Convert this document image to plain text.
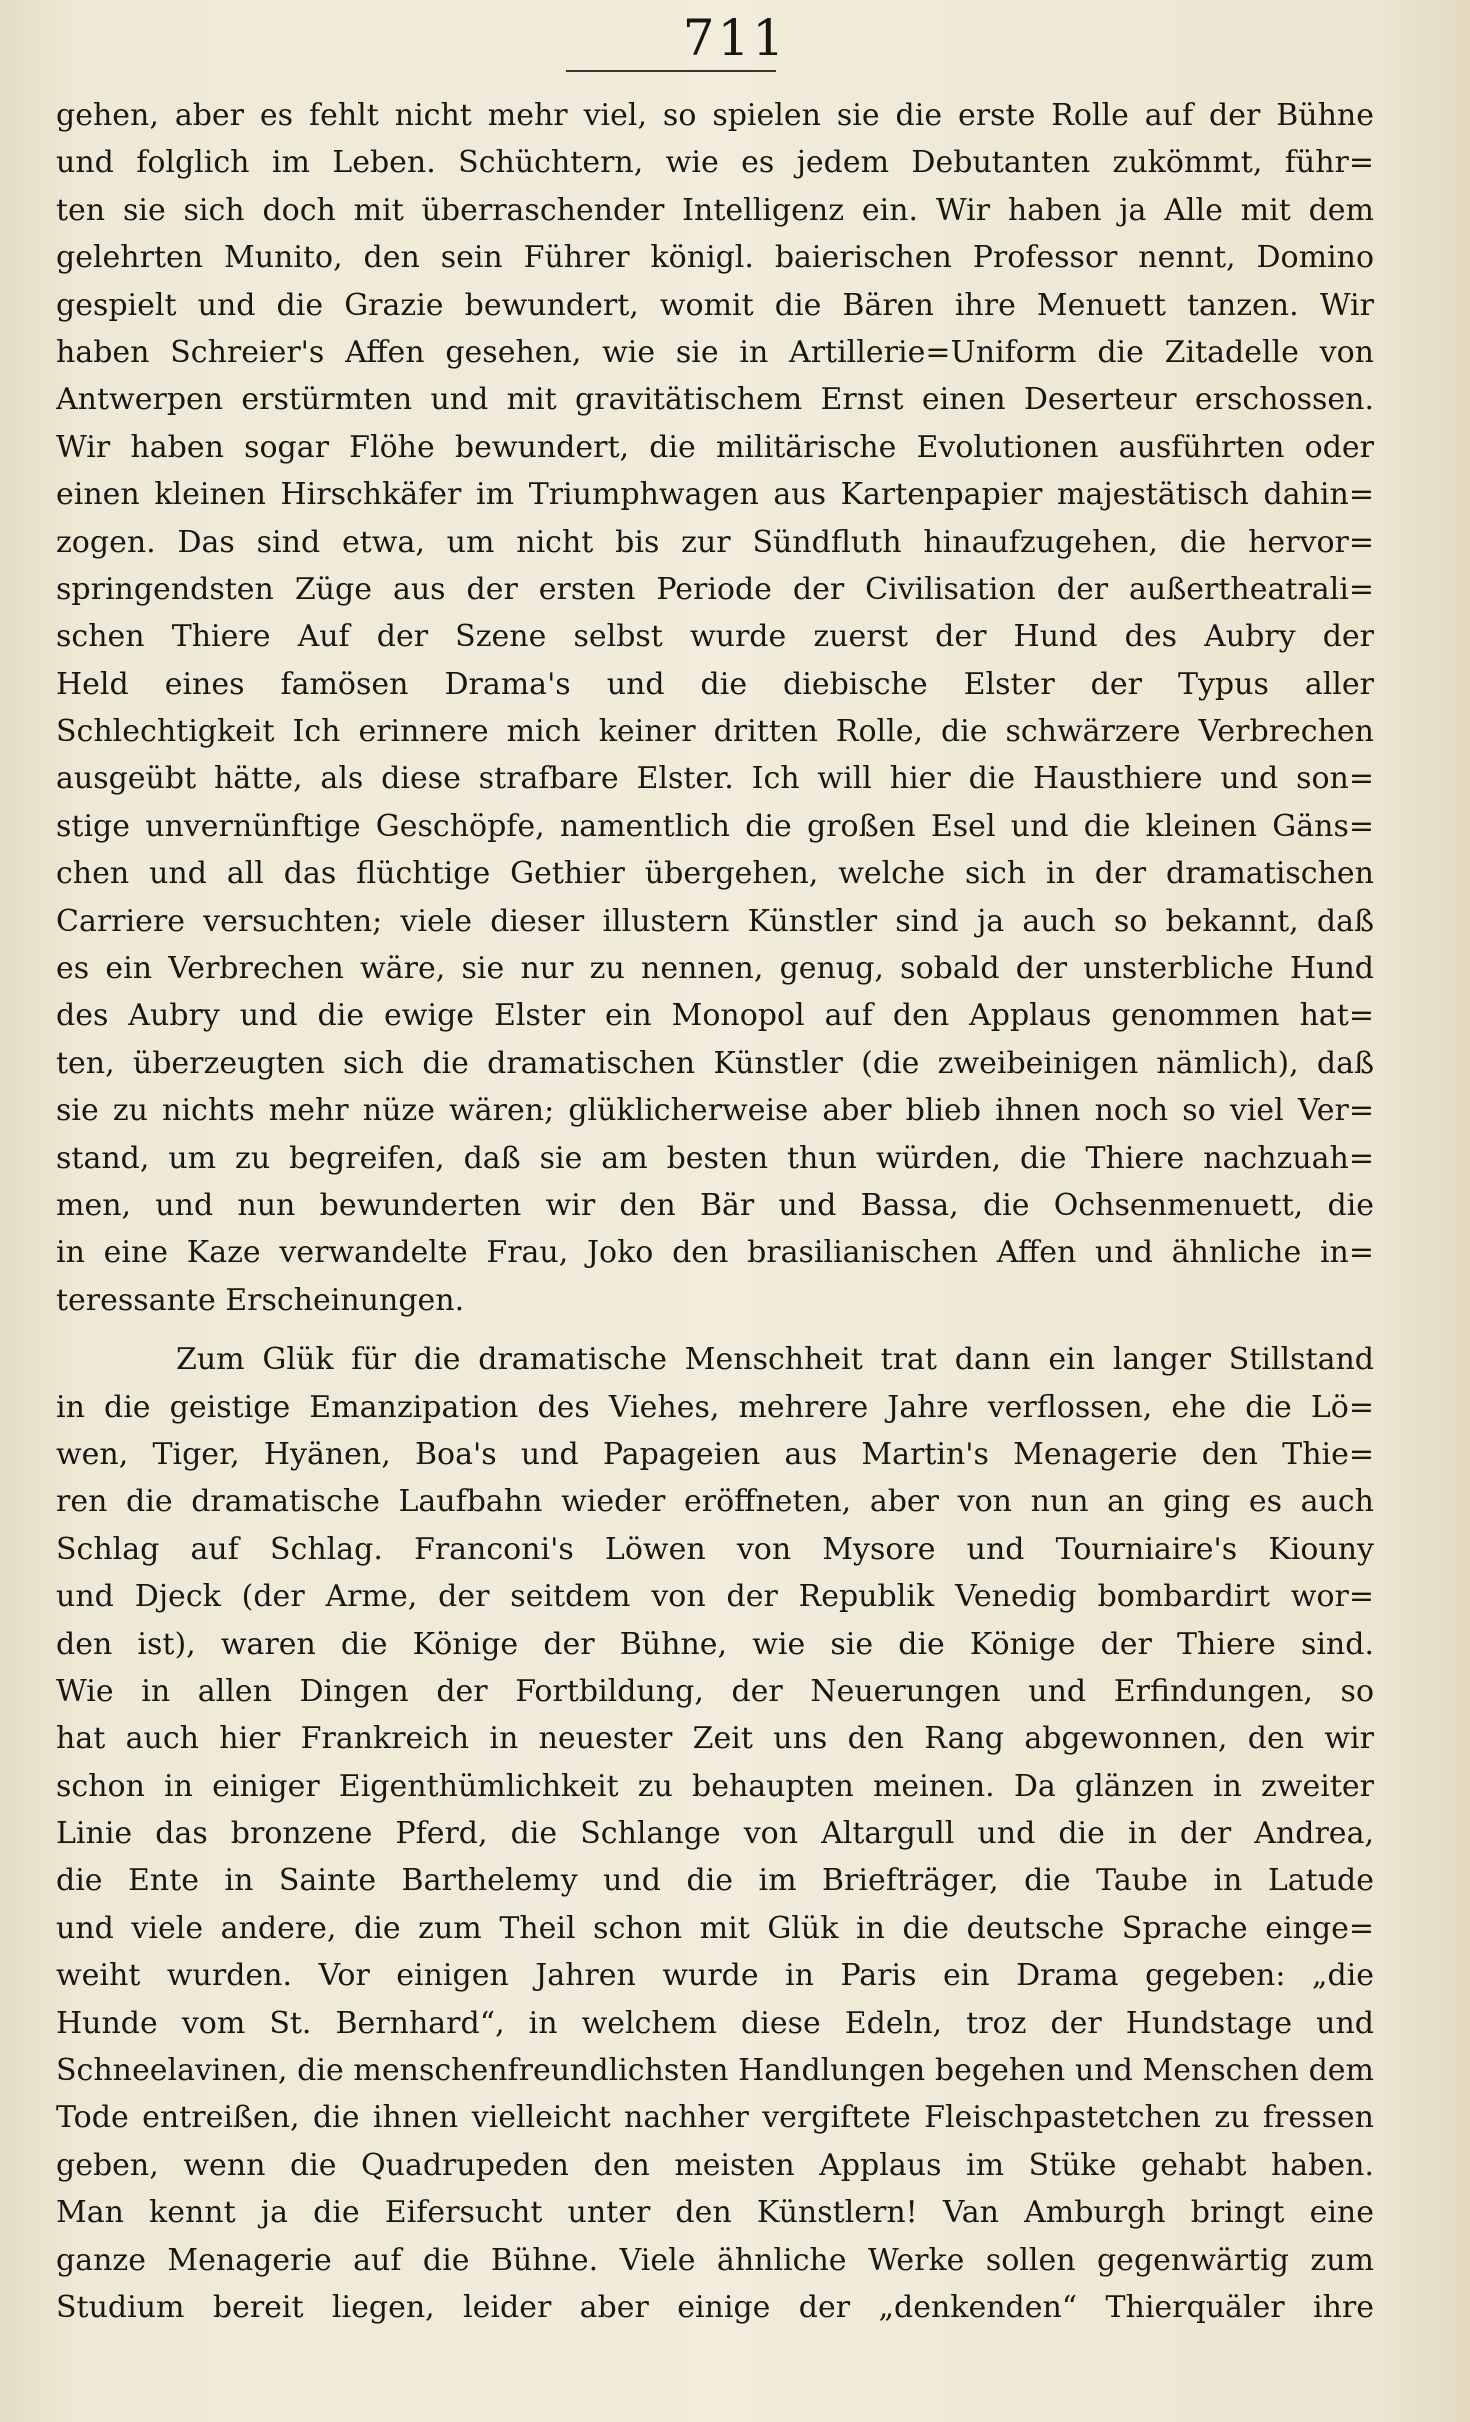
711
gehen, aber es fehlt nicht mehr viel, so spielen sie die erste Rolle auf der Bühne
und folglich im Leben. Schüchtern, wie es jedem Debutanten zukömmt, führ=
ten sie sich doch mit überraschender Intelligenz ein. Wir haben ja Alle mit dem
gelehrten Munito, den sein Führer königl. baierischen Professor nennt, Domino
gespielt und die Grazie bewundert, womit die Bären ihre Menuett tanzen. Wir
haben Schreier's Affen gesehen, wie sie in Artillerie=Uniform die Zitadelle von
Antwerpen erstürmten und mit gravitätischem Ernst einen Deserteur erschossen.
Wir haben sogar Flöhe bewundert, die militärische Evolutionen ausführten oder
einen kleinen Hirschkäfer im Triumphwagen aus Kartenpapier majestätisch dahin=
zogen. Das sind etwa, um nicht bis zur Sündfluth hinaufzugehen, die hervor=
springendsten Züge aus der ersten Periode der Civilisation der außertheatrali=
schen Thiere Auf der Szene selbst wurde zuerst der Hund des Aubry der
Held eines famösen Drama's und die diebische Elster der Typus aller
Schlechtigkeit Ich erinnere mich keiner dritten Rolle, die schwärzere Verbrechen
ausgeübt hätte, als diese strafbare Elster. Ich will hier die Hausthiere und son=
stige unvernünftige Geschöpfe, namentlich die großen Esel und die kleinen Gäns=
chen und all das flüchtige Gethier übergehen, welche sich in der dramatischen
Carriere versuchten; viele dieser illustern Künstler sind ja auch so bekannt, daß
es ein Verbrechen wäre, sie nur zu nennen, genug, sobald der unsterbliche Hund
des Aubry und die ewige Elster ein Monopol auf den Applaus genommen hat=
ten, überzeugten sich die dramatischen Künstler (die zweibeinigen nämlich), daß
sie zu nichts mehr nüze wären; glüklicherweise aber blieb ihnen noch so viel Ver=
stand, um zu begreifen, daß sie am besten thun würden, die Thiere nachzuah=
men, und nun bewunderten wir den Bär und Bassa, die Ochsenmenuett, die
in eine Kaze verwandelte Frau, Joko den brasilianischen Affen und ähnliche in=
teressante Erscheinungen.
Zum Glük für die dramatische Menschheit trat dann ein langer Stillstand
in die geistige Emanzipation des Viehes, mehrere Jahre verflossen, ehe die Lö=
wen, Tiger, Hyänen, Boa's und Papageien aus Martin's Menagerie den Thie=
ren die dramatische Laufbahn wieder eröffneten, aber von nun an ging es auch
Schlag auf Schlag. Franconi's Löwen von Mysore und Tourniaire's Kiouny
und Djeck (der Arme, der seitdem von der Republik Venedig bombardirt wor=
den ist), waren die Könige der Bühne, wie sie die Könige der Thiere sind.
Wie in allen Dingen der Fortbildung, der Neuerungen und Erfindungen, so
hat auch hier Frankreich in neuester Zeit uns den Rang abgewonnen, den wir
schon in einiger Eigenthümlichkeit zu behaupten meinen. Da glänzen in zweiter
Linie das bronzene Pferd, die Schlange von Altargull und die in der Andrea,
die Ente in Sainte Barthelemy und die im Briefträger, die Taube in Latude
und viele andere, die zum Theil schon mit Glük in die deutsche Sprache einge=
weiht wurden. Vor einigen Jahren wurde in Paris ein Drama gegeben: „die
Hunde vom St. Bernhard“, in welchem diese Edeln, troz der Hundstage und
Schneelavinen, die menschenfreundlichsten Handlungen begehen und Menschen dem
Tode entreißen, die ihnen vielleicht nachher vergiftete Fleischpastetchen zu fressen
geben, wenn die Quadrupeden den meisten Applaus im Stüke gehabt haben.
Man kennt ja die Eifersucht unter den Künstlern! Van Amburgh bringt eine
ganze Menagerie auf die Bühne. Viele ähnliche Werke sollen gegenwärtig zum
Studium bereit liegen, leider aber einige der „denkenden“ Thierquäler ihre
